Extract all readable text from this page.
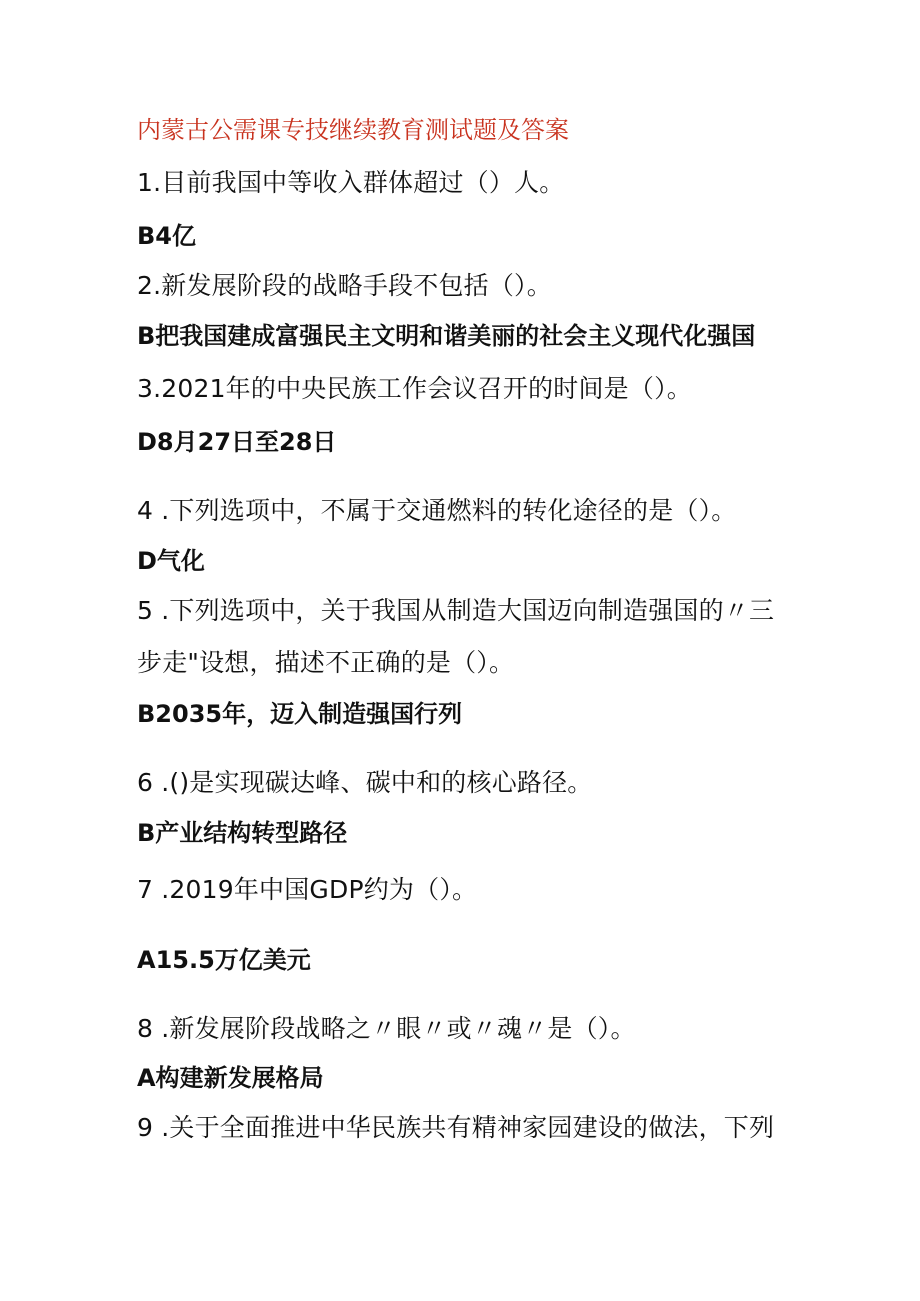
内蒙古公需课专技继续教育测试题及答案
1.目前我国中等收入群体超过（）人。
B4亿
2.新发展阶段的战略手段不包括（）。
B把我国建成富强民主文明和谐美丽的社会主义现代化强国
3.2021年的中央民族工作会议召开的时间是（）。
D8月27日至28日
4 .下列选项中，不属于交通燃料的转化途径的是（）。
D气化
5 .下列选项中，关于我国从制造大国迈向制造强国的〃三
步走"设想，描述不正确的是（）。
B2035年，迈入制造强国行列
6 .()是实现碳达峰、碳中和的核心路径。
B产业结构转型路径
7 .2019年中国GDP约为（）。
A15.5万亿美元
8 .新发展阶段战略之〃眼〃或〃魂〃是（）。
A构建新发展格局
9 .关于全面推进中华民族共有精神家园建设的做法，下列
